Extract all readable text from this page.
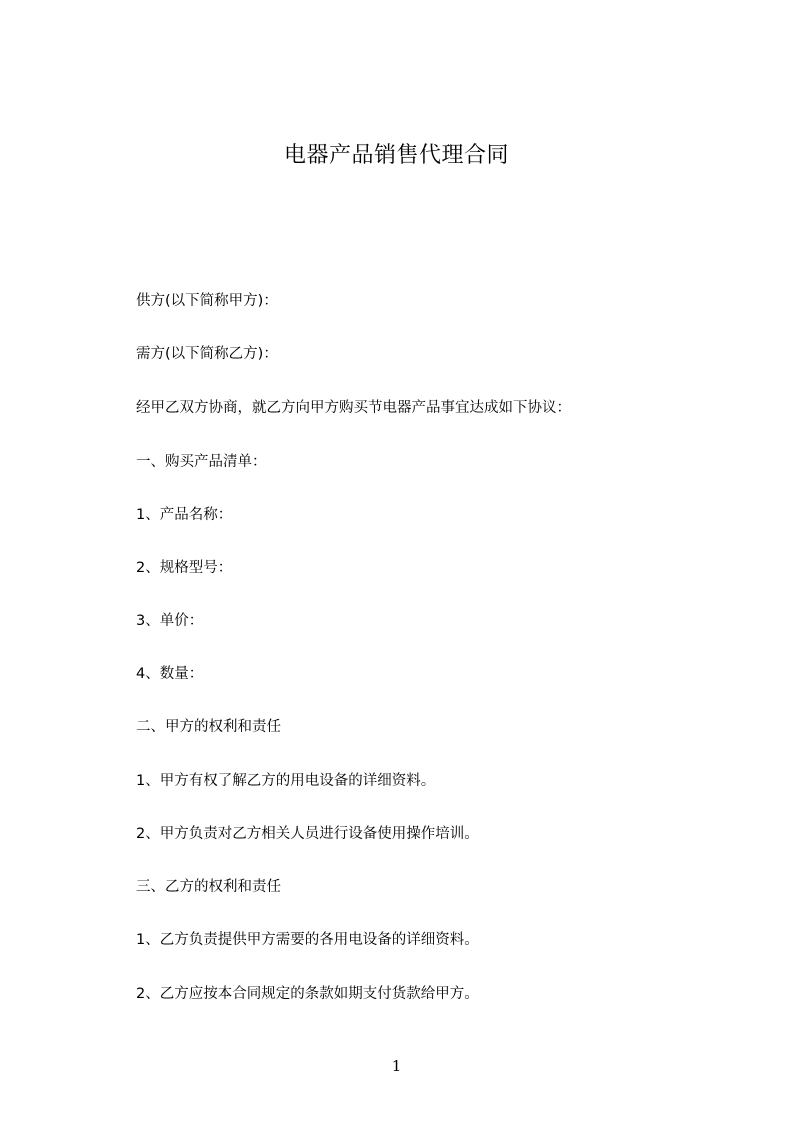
电器产品销售代理合同
供方(以下简称甲方)：
需方(以下简称乙方)：
经甲乙双方协商，就乙方向甲方购买节电器产品事宜达成如下协议：
一、购买产品清单：
1、产品名称：
2、规格型号：
3、单价：
4、数量：
二、甲方的权利和责任
1、甲方有权了解乙方的用电设备的详细资料。
2、甲方负责对乙方相关人员进行设备使用操作培训。
三、乙方的权利和责任
1、乙方负责提供甲方需要的各用电设备的详细资料。
2、乙方应按本合同规定的条款如期支付货款给甲方。
1
